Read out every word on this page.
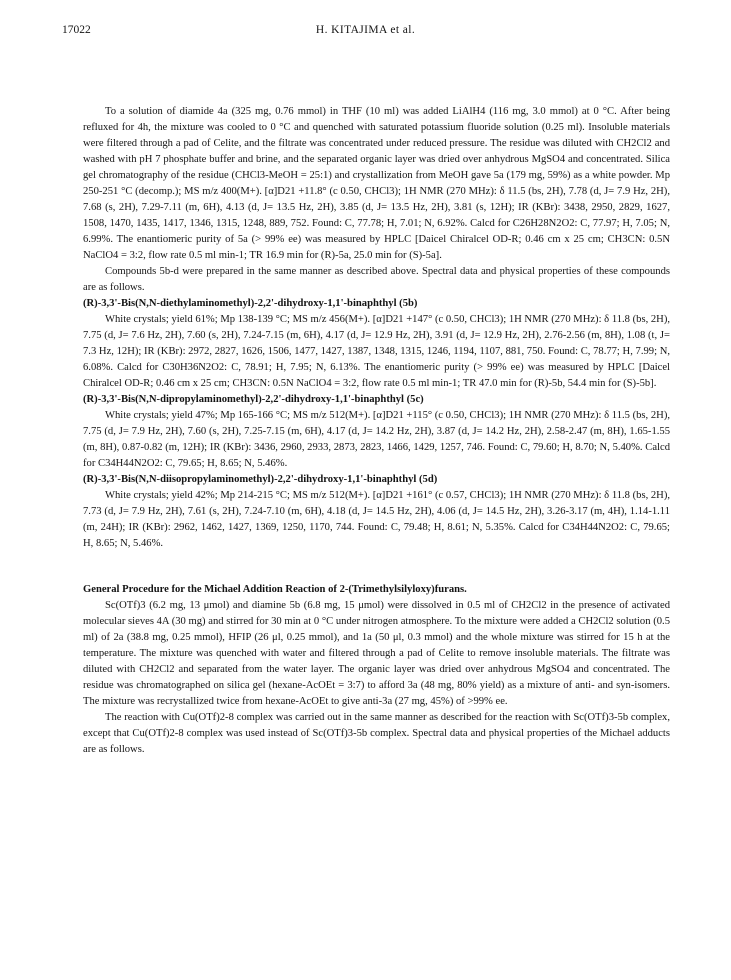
17022	H. KITAJIMA et al.

To a solution of diamide 4a (325 mg, 0.76 mmol) in THF (10 ml) was added LiAlH4 (116 mg, 3.0 mmol) at 0 °C. After being refluxed for 4h, the mixture was cooled to 0 °C and quenched with saturated potassium fluoride solution (0.25 ml). Insoluble materials were filtered through a pad of Celite, and the filtrate was concentrated under reduced pressure. The residue was diluted with CH2Cl2 and washed with pH 7 phosphate buffer and brine, and the separated organic layer was dried over anhydrous MgSO4 and concentrated. Silica gel chromatography of the residue (CHCl3-MeOH = 25:1) and crystallization from MeOH gave 5a (179 mg, 59%) as a white powder. Mp 250-251 °C (decomp.); MS m/z 400(M+). [α]D21 +11.8° (c 0.50, CHCl3); 1H NMR (270 MHz): δ 11.5 (bs, 2H), 7.78 (d, J= 7.9 Hz, 2H), 7.68 (s, 2H), 7.29-7.11 (m, 6H), 4.13 (d, J= 13.5 Hz, 2H), 3.85 (d, J= 13.5 Hz, 2H), 3.81 (s, 12H); IR (KBr): 3438, 2950, 2829, 1627, 1508, 1470, 1435, 1417, 1346, 1315, 1248, 889, 752. Found: C, 77.78; H, 7.01; N, 6.92%. Calcd for C26H28N2O2: C, 77.97; H, 7.05; N, 6.99%. The enantiomeric purity of 5a (> 99% ee) was measured by HPLC [Daicel Chiralcel OD-R; 0.46 cm x 25 cm; CH3CN: 0.5N NaClO4 = 3:2, flow rate 0.5 ml min-1; TR 16.9 min for (R)-5a, 25.0 min for (S)-5a].

Compounds 5b-d were prepared in the same manner as described above. Spectral data and physical properties of these compounds are as follows.

(R)-3,3'-Bis(N,N-diethylaminomethyl)-2,2'-dihydroxy-1,1'-binaphthyl (5b)

White crystals; yield 61%; Mp 138-139 °C; MS m/z 456(M+). [α]D21 +147° (c 0.50, CHCl3); 1H NMR (270 MHz): δ 11.8 (bs, 2H), 7.75 (d, J= 7.6 Hz, 2H), 7.60 (s, 2H), 7.24-7.15 (m, 6H), 4.17 (d, J= 12.9 Hz, 2H), 3.91 (d, J= 12.9 Hz, 2H), 2.76-2.56 (m, 8H), 1.08 (t, J= 7.3 Hz, 12H); IR (KBr): 2972, 2827, 1626, 1506, 1477, 1427, 1387, 1348, 1315, 1246, 1194, 1107, 881, 750. Found: C, 78.77; H, 7.99; N, 6.08%. Calcd for C30H36N2O2: C, 78.91; H, 7.95; N, 6.13%. The enantiomeric purity (> 99% ee) was measured by HPLC [Daicel Chiralcel OD-R; 0.46 cm x 25 cm; CH3CN: 0.5N NaClO4 = 3:2, flow rate 0.5 ml min-1; TR 47.0 min for (R)-5b, 54.4 min for (S)-5b].

(R)-3,3'-Bis(N,N-dipropylaminomethyl)-2,2'-dihydroxy-1,1'-binaphthyl (5c)

White crystals; yield 47%; Mp 165-166 °C; MS m/z 512(M+). [α]D21 +115° (c 0.50, CHCl3); 1H NMR (270 MHz): δ 11.5 (bs, 2H), 7.75 (d, J= 7.9 Hz, 2H), 7.60 (s, 2H), 7.25-7.15 (m, 6H), 4.17 (d, J= 14.2 Hz, 2H), 3.87 (d, J= 14.2 Hz, 2H), 2.58-2.47 (m, 8H), 1.65-1.55 (m, 8H), 0.87-0.82 (m, 12H); IR (KBr): 3436, 2960, 2933, 2873, 2823, 1466, 1429, 1257, 746. Found: C, 79.60; H, 8.70; N, 5.40%. Calcd for C34H44N2O2: C, 79.65; H, 8.65; N, 5.46%.

(R)-3,3'-Bis(N,N-diisopropylaminomethyl)-2,2'-dihydroxy-1,1'-binaphthyl (5d)

White crystals; yield 42%; Mp 214-215 °C; MS m/z 512(M+). [α]D21 +161° (c 0.57, CHCl3); 1H NMR (270 MHz): δ 11.8 (bs, 2H), 7.73 (d, J= 7.9 Hz, 2H), 7.61 (s, 2H), 7.24-7.10 (m, 6H), 4.18 (d, J= 14.5 Hz, 2H), 4.06 (d, J= 14.5 Hz, 2H), 3.26-3.17 (m, 4H), 1.14-1.11 (m, 24H); IR (KBr): 2962, 1462, 1427, 1369, 1250, 1170, 744. Found: C, 79.48; H, 8.61; N, 5.35%. Calcd for C34H44N2O2: C, 79.65; H, 8.65; N, 5.46%.

General Procedure for the Michael Addition Reaction of 2-(Trimethylsilyloxy)furans.

Sc(OTf)3 (6.2 mg, 13 μmol) and diamine 5b (6.8 mg, 15 μmol) were dissolved in 0.5 ml of CH2Cl2 in the presence of activated molecular sieves 4A (30 mg) and stirred for 30 min at 0 °C under nitrogen atmosphere. To the mixture were added a CH2Cl2 solution (0.5 ml) of 2a (38.8 mg, 0.25 mmol), HFIP (26 μl, 0.25 mmol), and 1a (50 μl, 0.3 mmol) and the whole mixture was stirred for 15 h at the temperature. The mixture was quenched with water and filtered through a pad of Celite to remove insoluble materials. The filtrate was diluted with CH2Cl2 and separated from the water layer. The organic layer was dried over anhydrous MgSO4 and concentrated. The residue was chromatographed on silica gel (hexane-AcOEt = 3:7) to afford 3a (48 mg, 80% yield) as a mixture of anti- and syn-isomers. The mixture was recrystallized twice from hexane-AcOEt to give anti-3a (27 mg, 45%) of >99% ee.

The reaction with Cu(OTf)2-8 complex was carried out in the same manner as described for the reaction with Sc(OTf)3-5b complex, except that Cu(OTf)2-8 complex was used instead of Sc(OTf)3-5b complex. Spectral data and physical properties of the Michael adducts are as follows.
